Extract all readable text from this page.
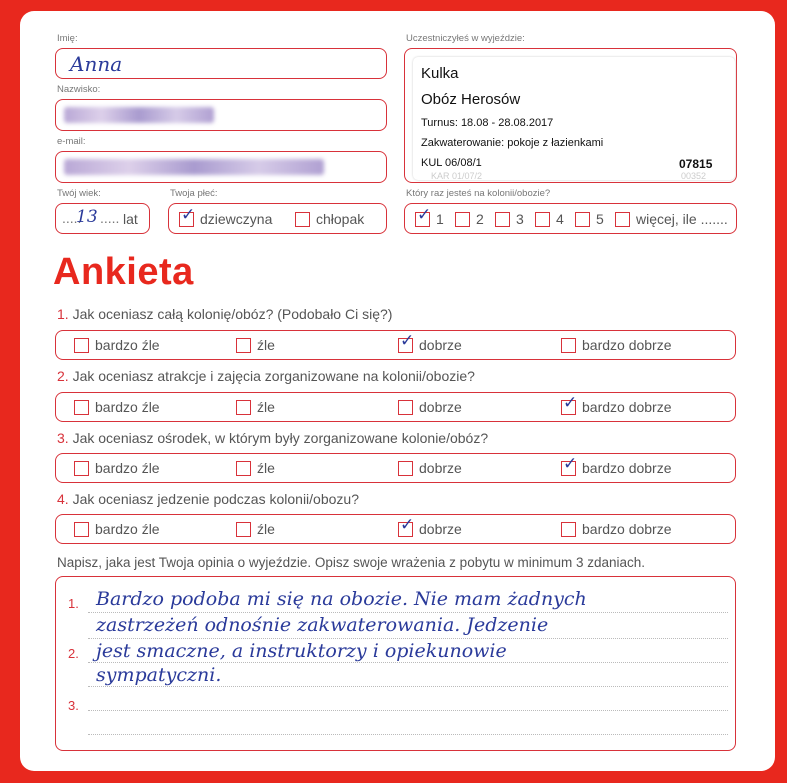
Imię:
Anna
Nazwisko:
e-mail:
Twój wiek:
.....
13 ..... lat
Twoja płeć:
✓ dziewczyna	chłopak
Uczestniczyłeś w wyjeździe:
Kulka
Obóz Herosów
Turnus: 18.08 - 28.08.2017
Zakwaterowanie: pokoje z łazienkami
KUL 06/08/1	07815
KAR 01/07/2	00352
Który raz jesteś na kolonii/obozie?
✓ 1	2	3	4	5	więcej, ile .......
Ankieta
1. Jak oceniasz całą kolonię/obóz? (Podobało Ci się?)
bardzo źle	źle	✓ dobrze	bardzo dobrze
2. Jak oceniasz atrakcje i zajęcia zorganizowane na kolonii/obozie?
bardzo źle	źle	dobrze	✓ bardzo dobrze
3. Jak oceniasz ośrodek, w którym były zorganizowane kolonie/obóz?
bardzo źle	źle	dobrze	✓ bardzo dobrze
4. Jak oceniasz jedzenie podczas kolonii/obozu?
bardzo źle	źle	✓ dobrze	bardzo dobrze
Napisz, jaka jest Twoja opinia o wyjeździe. Opisz swoje wrażenia z pobytu w minimum 3 zdaniach.
1.
2.
3.
Bardzo podoba mi się na obozie. Nie mam żadnych
zastrzeżeń odnośnie zakwaterowania. Jedzenie
jest smaczne, a instruktorzy i opiekunowie
sympatyczni.
